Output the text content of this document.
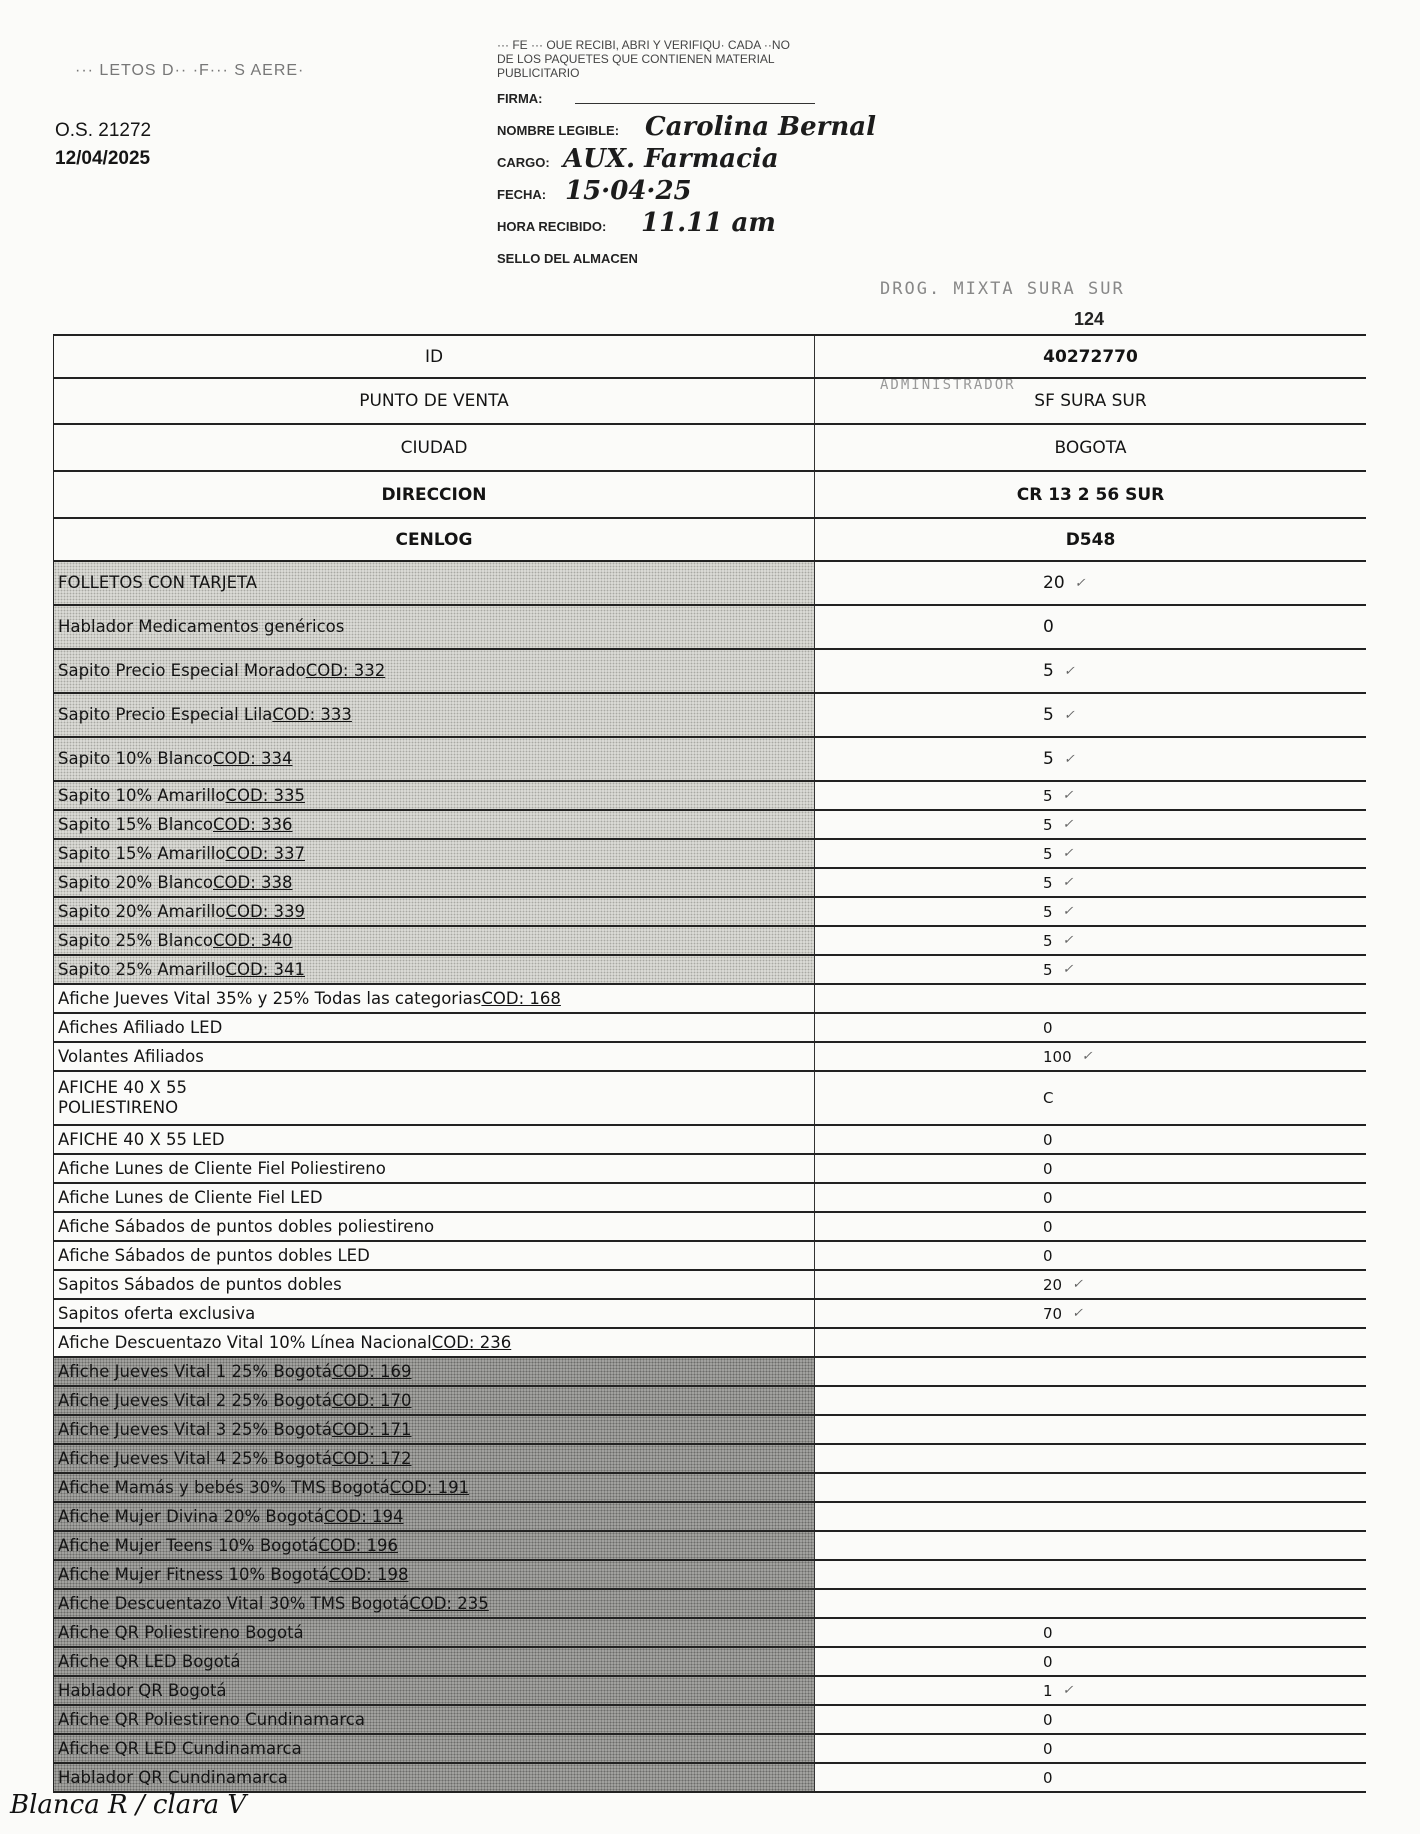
··· LETOS D·· ·F··· S AERE·
O.S. 21272
12/04/2025
··· FE ··· OUE RECIBI, ABRI Y VERIFIQU· CADA ··NO DE LOS PAQUETES QUE CONTIENEN MATERIAL PUBLICITARIO
FIRMA:
NOMBRE LEGIBLE: Carolina Bernal
CARGO: AUX. Farmacia
FECHA: 15·04·25
HORA RECIBIDO: 11.11 am
SELLO DEL ALMACEN
DROG. MIXTA SURA SUR
124
ADMINISTRADOR
ID	40272770
PUNTO DE VENTA	SF SURA SUR
CIUDAD	BOGOTA
DIRECCION	CR 13 2 56 SUR
CENLOG	D548
FOLLETOS CON TARJETA	20 ✓
Hablador Medicamentos genéricos	0
Sapito Precio Especial Morado COD: 332	5 ✓
Sapito Precio Especial Lila COD: 333	5 ✓
Sapito 10% Blanco COD: 334	5 ✓
Sapito 10% Amarillo COD: 335	5 ✓
Sapito 15% Blanco COD: 336	5 ✓
Sapito 15% Amarillo COD: 337	5 ✓
Sapito 20% Blanco COD: 338	5 ✓
Sapito 20% Amarillo COD: 339	5 ✓
Sapito 25% Blanco COD: 340	5 ✓
Sapito 25% Amarillo COD: 341	5 ✓
Afiche Jueves Vital 35% y 25% Todas las categorias COD: 168
Afiches Afiliado LED	0
Volantes Afiliados	100 ✓
AFICHE 40 X 55
POLIESTIRENO	C
AFICHE 40 X 55 LED	0
Afiche Lunes de Cliente Fiel Poliestireno	0
Afiche Lunes de Cliente Fiel LED	0
Afiche Sábados de puntos dobles poliestireno	0
Afiche Sábados de puntos dobles LED	0
Sapitos Sábados de puntos dobles	20 ✓
Sapitos oferta exclusiva	70 ✓
Afiche Descuentazo Vital 10% Línea Nacional COD: 236
Afiche Jueves Vital 1 25% Bogotá COD: 169
Afiche Jueves Vital 2 25% Bogotá COD: 170
Afiche Jueves Vital 3 25% Bogotá COD: 171
Afiche Jueves Vital 4 25% Bogotá COD: 172
Afiche Mamás y bebés 30% TMS Bogotá COD: 191
Afiche Mujer Divina 20% Bogotá COD: 194
Afiche Mujer Teens 10% Bogotá COD: 196
Afiche Mujer Fitness 10% Bogotá COD: 198
Afiche Descuentazo Vital 30% TMS Bogotá COD: 235
Afiche QR Poliestireno Bogotá	0
Afiche QR LED Bogotá	0
Hablador QR Bogotá	1 ✓
Afiche QR Poliestireno Cundinamarca	0
Afiche QR LED Cundinamarca	0
Hablador QR Cundinamarca	0
Blanca R / clara V
